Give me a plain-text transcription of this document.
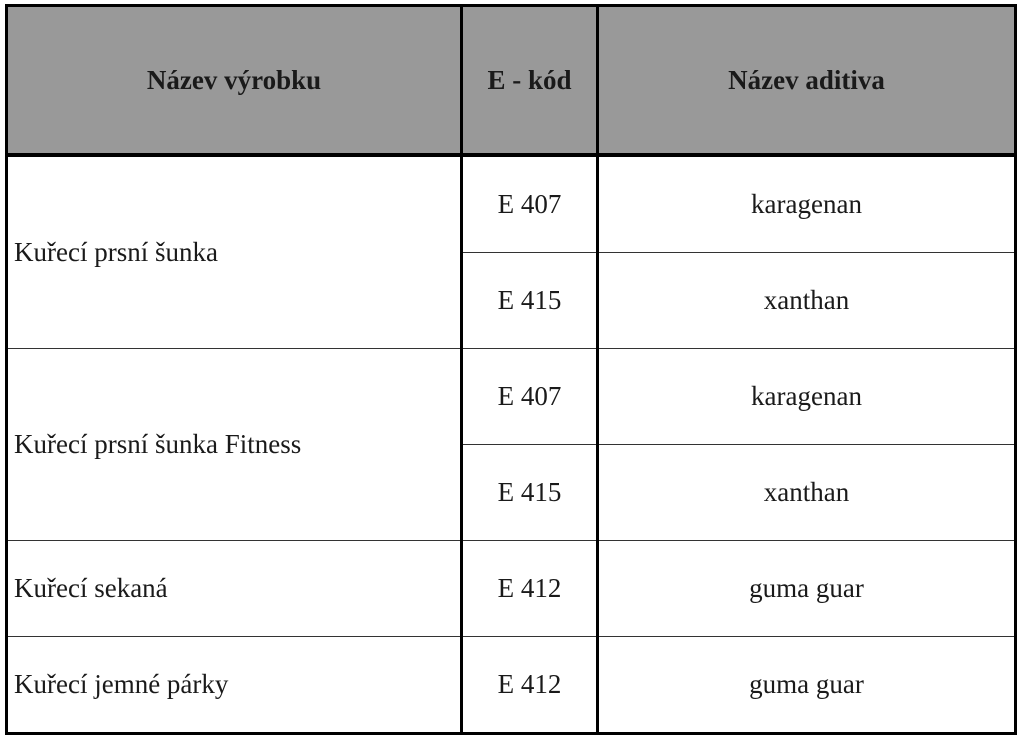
Název výrobku	E - kód	Název aditiva
Kuřecí prsní šunka	E 407	karagenan
	E 415	xanthan
Kuřecí prsní šunka Fitness	E 407	karagenan
	E 415	xanthan
Kuřecí sekaná	E 412	guma guar
Kuřecí jemné párky	E 412	guma guar
